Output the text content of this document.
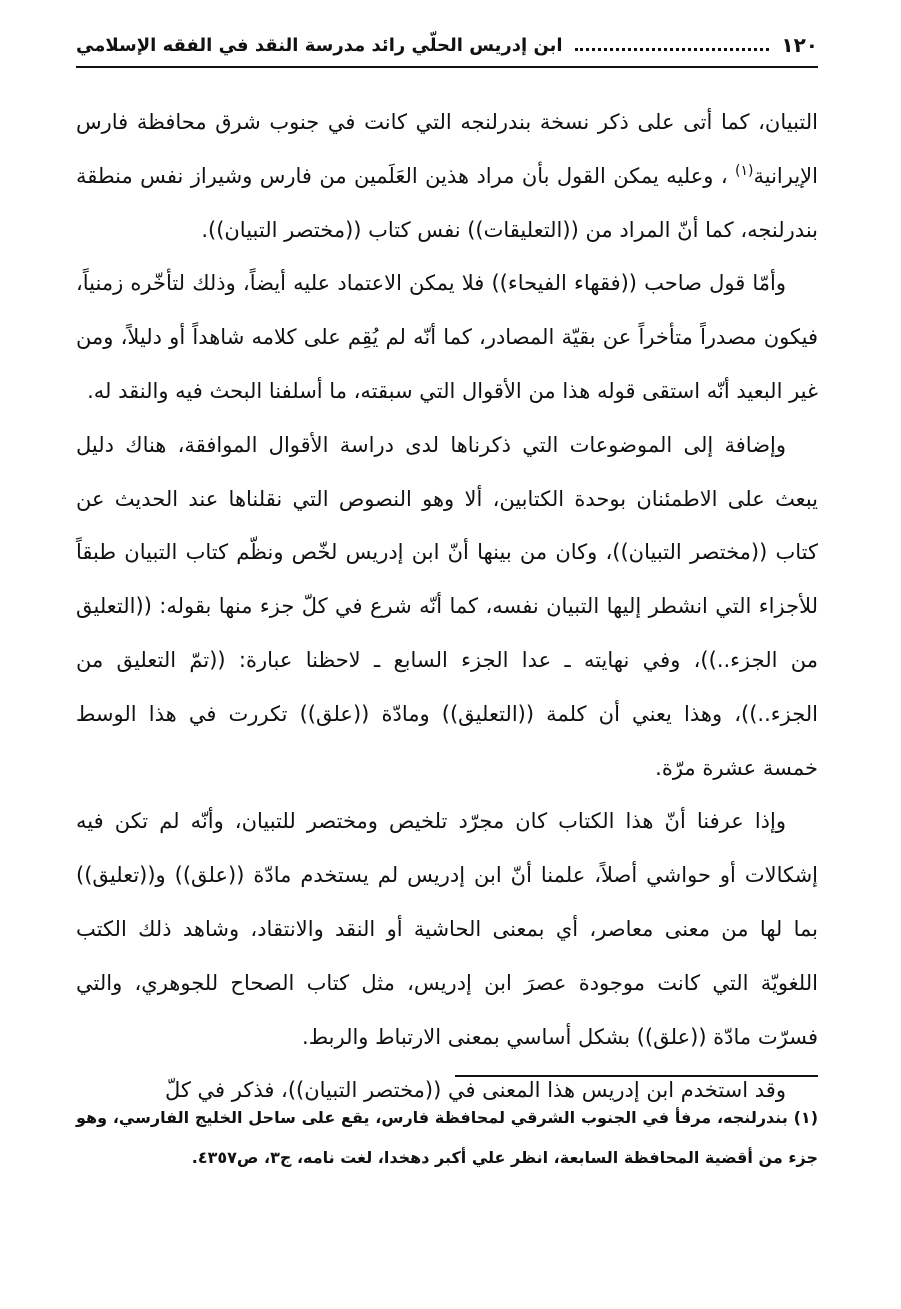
١٢٠
ابن إدريس الحلّي رائد مدرسة النقد في الفقه الإسلامي

التبيان، كما أتى على ذكر نسخة بندرلنجه التي كانت في جنوب شرق محافظة فارس الإيرانية$^{(١)}$ ، وعليه يمكن القول بأن مراد هذين العَلَمين من فارس وشيراز نفس منطقة بندرلنجه، كما أنّ المراد من ((التعليقات)) نفس كتاب ((مختصر التبيان)).

وأمّا قول صاحب ((فقهاء الفيحاء)) فلا يمكن الاعتماد عليه أيضاً، وذلك لتأخّره زمنياً، فيكون مصدراً متأخراً عن بقيّة المصادر، كما أنّه لم يُقِم على كلامه شاهداً أو دليلاً، ومن غير البعيد أنّه استقى قوله هذا من الأقوال التي سبقته، ما أسلفنا البحث فيه والنقد له.

وإضافة إلى الموضوعات التي ذكرناها لدى دراسة الأقوال الموافقة، هناك دليل يبعث على الاطمئنان بوحدة الكتابين، ألا وهو النصوص التي نقلناها عند الحديث عن كتاب ((مختصر التبيان))، وكان من بينها أنّ ابن إدريس لخّص ونظّم كتاب التبيان طبقاً للأجزاء التي انشطر إليها التبيان نفسه، كما أنّه شرع في كلّ جزء منها بقوله: ((التعليق من الجزء..))، وفي نهايته ـ عدا الجزء السابع ـ لاحظنا عبارة: ((تمّ التعليق من الجزء..))، وهذا يعني أن كلمة ((التعليق)) ومادّة ((علق)) تكررت في هذا الوسط خمسة عشرة مرّة.

وإذا عرفنا أنّ هذا الكتاب كان مجرّد تلخيص ومختصر للتبيان، وأنّه لم تكن فيه إشكالات أو حواشي أصلاً، علمنا أنّ ابن إدريس لم يستخدم مادّة ((علق)) و((تعليق)) بما لها من معنى معاصر، أي بمعنى الحاشية أو النقد والانتقاد، وشاهد ذلك الكتب اللغويّة التي كانت موجودة عصرَ ابن إدريس، مثل كتاب الصحاح للجوهري، والتي فسرّت مادّة ((علق)) بشكل أساسي بمعنى الارتباط والربط.

وقد استخدم ابن إدريس هذا المعنى في ((مختصر التبيان))، فذكر في كلّ

(١) بندرلنجه، مرفأ في الجنوب الشرقي لمحافظة فارس، يقع على ساحل الخليج الفارسي، وهو جزء من أقضية المحافظة السابعة، انظر علي أكبر دهخدا، لغت نامه، ج٣، ص٤٣٥٧.
